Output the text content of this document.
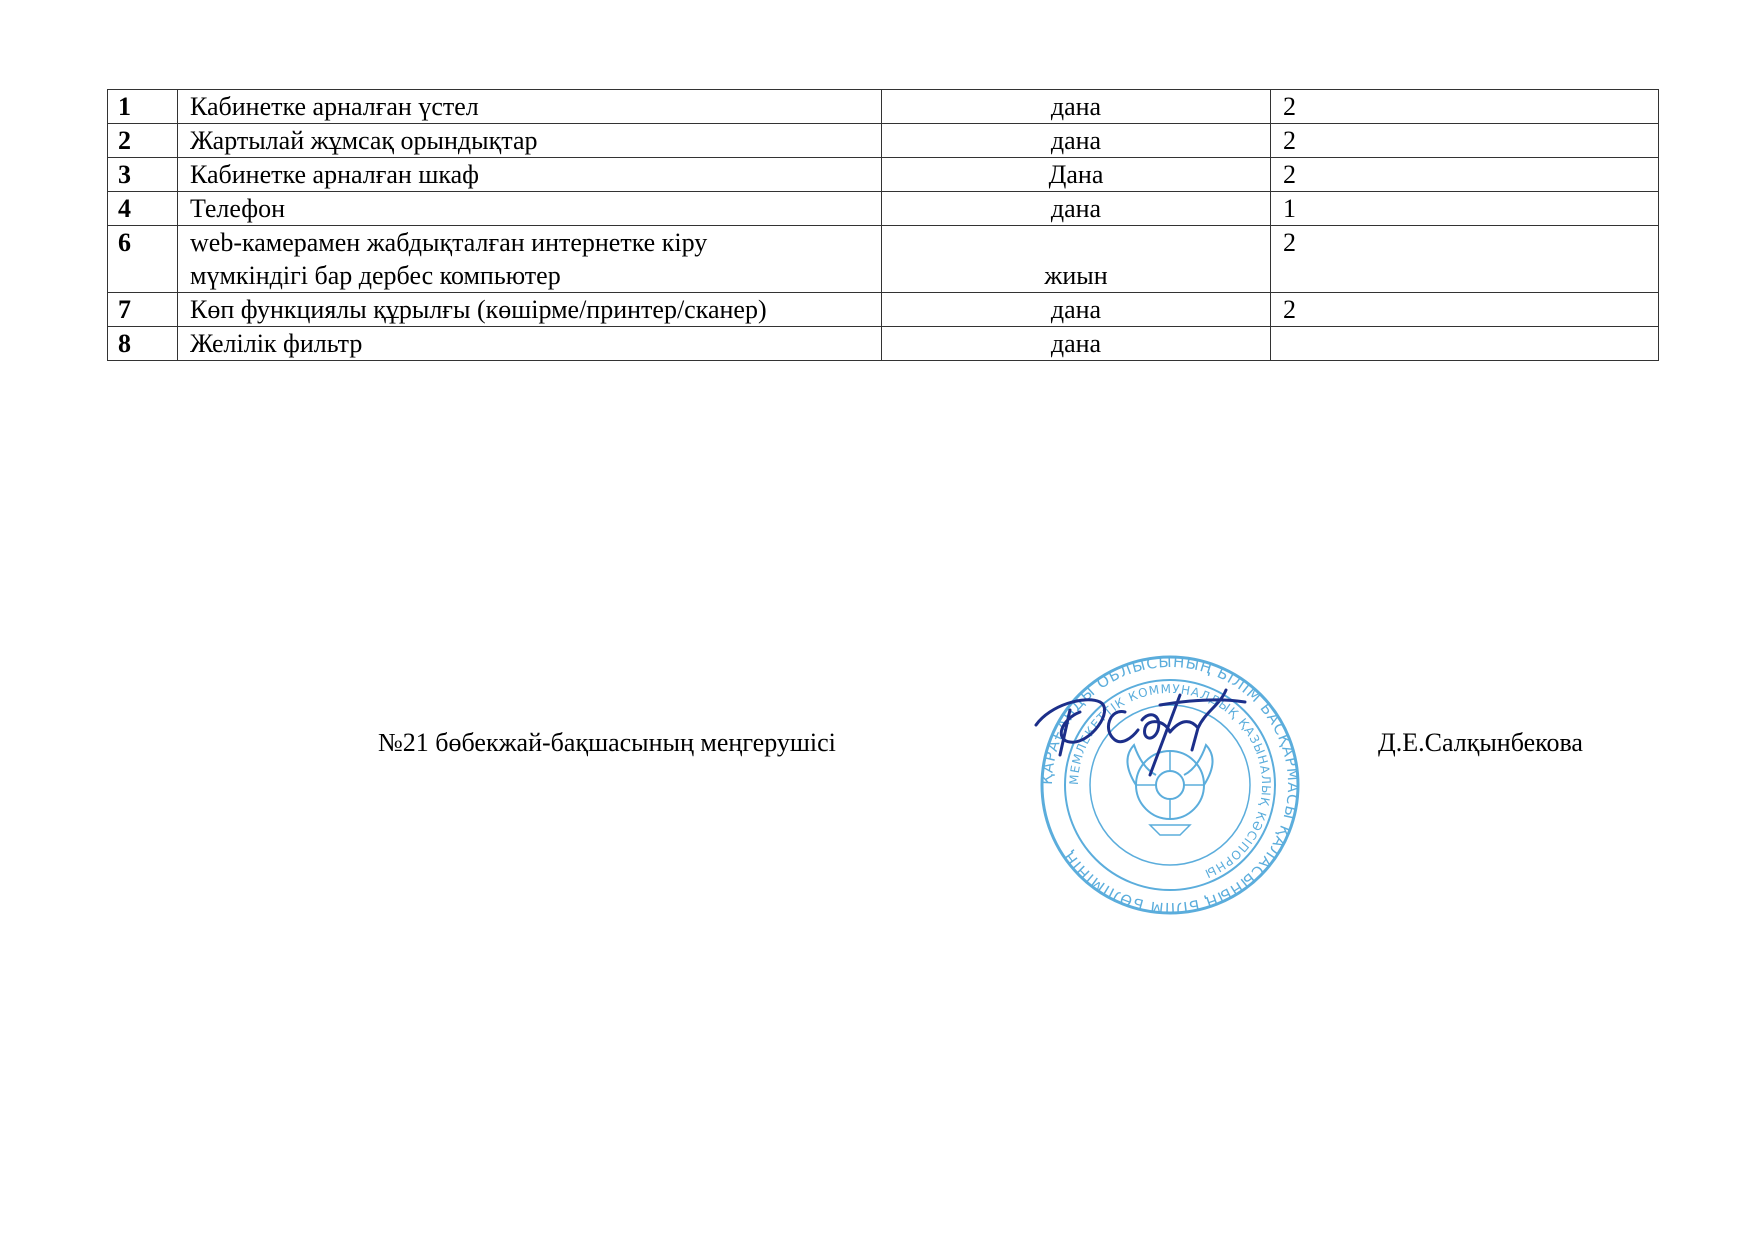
1	Кабинетке арналған үстел	дана	2
2	Жартылай жұмсақ орындықтар	дана	2
3	Кабинетке арналған шкаф	Дана	2
4	Телефон	дана	1
6	web-камерамен жабдықталған интернетке кіру
мүмкіндігі бар дербес компьютер	жиын	2
7	Көп функциялы құрылғы (көшірме/принтер/сканер)	дана	2
8	Желілік фильтр	дана	
№21 бөбекжай-бақшасының меңгерушісі
ҚАРАҒАНДЫ ОБЛЫСЫНЫҢ БІЛІМ БАСҚАРМАСЫ ҚАЛАСЫНЫҢ БІЛІМ БӨЛІМІНІҢ
МЕМЛЕКЕТТІК КОММУНАЛДЫҚ ҚАЗЫНАЛЫҚ КӘСІПОРНЫ
Д.Е.Салқынбекова
